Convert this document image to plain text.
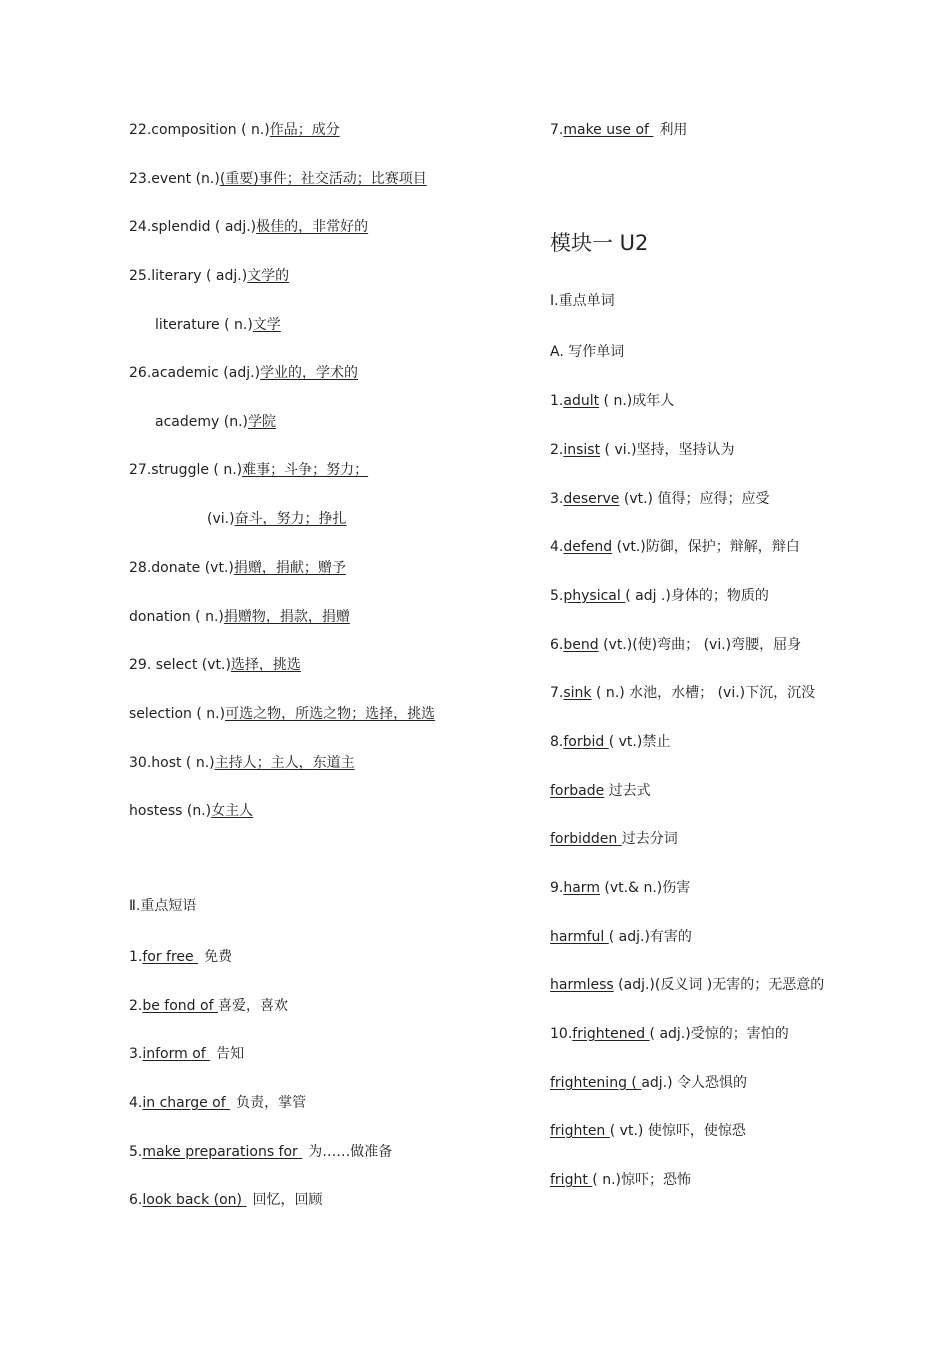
22.composition ( n.)作品；成分
23.event (n.)(重要)事件；社交活动；比赛项目
24.splendid ( adj.)极佳的，非常好的
25.literary ( adj.)文学的
literature ( n.)文学
26.academic (adj.)学业的，学术的
academy (n.)学院
27.struggle ( n.)难事；斗争；努力；
(vi.)奋斗，努力；挣扎
28.donate (vt.)捐赠，捐献；赠予
donation ( n.)捐赠物，捐款，捐赠
29. select (vt.)选择，挑选
selection ( n.)可选之物，所选之物；选择，挑选
30.host ( n.)主持人；主人，东道主
hostess (n.)女主人
Ⅱ.重点短语
1.for free 免费
2.be fond of 喜爱，喜欢
3.inform of 告知
4.in charge of 负责，掌管
5.make preparations for 为……做准备
6.look back (on) 回忆，回顾
7.make use of 利用
模块一 U2
Ⅰ.重点单词
A. 写作单词
1.adult ( n.)成年人
2.insist ( vi.)坚持，坚持认为
3.deserve (vt.) 值得；应得；应受
4.defend (vt.)防御，保护；辩解，辩白
5.physical ( adj .)身体的；物质的
6.bend (vt.)(使)弯曲； (vi.)弯腰，屈身
7.sink ( n.) 水池，水槽； (vi.)下沉，沉没
8.forbid ( vt.)禁止
forbade 过去式
forbidden 过去分词
9.harm (vt.& n.)伤害
harmful ( adj.)有害的
harmless (adj.)(反义词 )无害的；无恶意的
10.frightened ( adj.)受惊的；害怕的
frightening ( adj.) 令人恐惧的
frighten ( vt.) 使惊吓，使惊恐
fright ( n.)惊吓；恐怖
